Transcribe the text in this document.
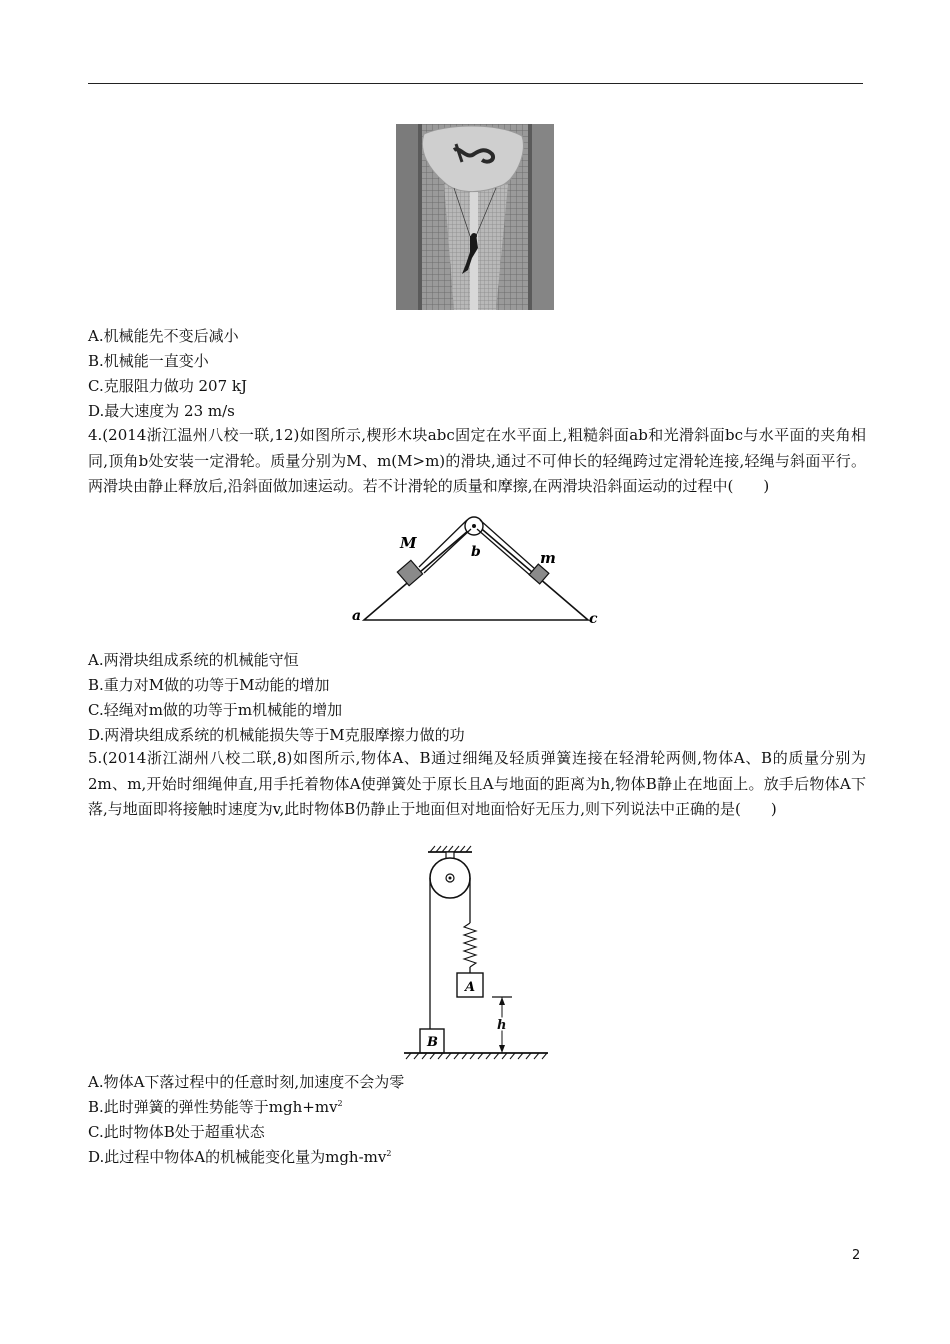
A.机械能先不变后减小
B.机械能一直变小
C.克服阻力做功 207 kJ
D.最大速度为 23 m/s
4.(2014浙江温州八校一联,12)如图所示,楔形木块abc固定在水平面上,粗糙斜面ab和光滑斜面bc与水平面的夹角相同,顶角b处安装一定滑轮。质量分别为M、m(M>m)的滑块,通过不可伸长的轻绳跨过定滑轮连接,轻绳与斜面平行。两滑块由静止释放后,沿斜面做加速运动。若不计滑轮的质量和摩擦,在两滑块沿斜面运动的过程中(　　)
M
m
b
a	c
A.两滑块组成系统的机械能守恒
B.重力对M做的功等于M动能的增加
C.轻绳对m做的功等于m机械能的增加
D.两滑块组成系统的机械能损失等于M克服摩擦力做的功
5.(2014浙江湖州八校二联,8)如图所示,物体A、B通过细绳及轻质弹簧连接在轻滑轮两侧,物体A、B的质量分别为2m、m,开始时细绳伸直,用手托着物体A使弹簧处于原长且A与地面的距离为h,物体B静止在地面上。放手后物体A下落,与地面即将接触时速度为v,此时物体B仍静止于地面但对地面恰好无压力,则下列说法中正确的是(　　)
A
B
h
A.物体A下落过程中的任意时刻,加速度不会为零
B.此时弹簧的弹性势能等于$mgh+mv^2$
C.此时物体B处于超重状态
D.此过程中物体A的机械能变化量为mgh-$mv^2$
2
